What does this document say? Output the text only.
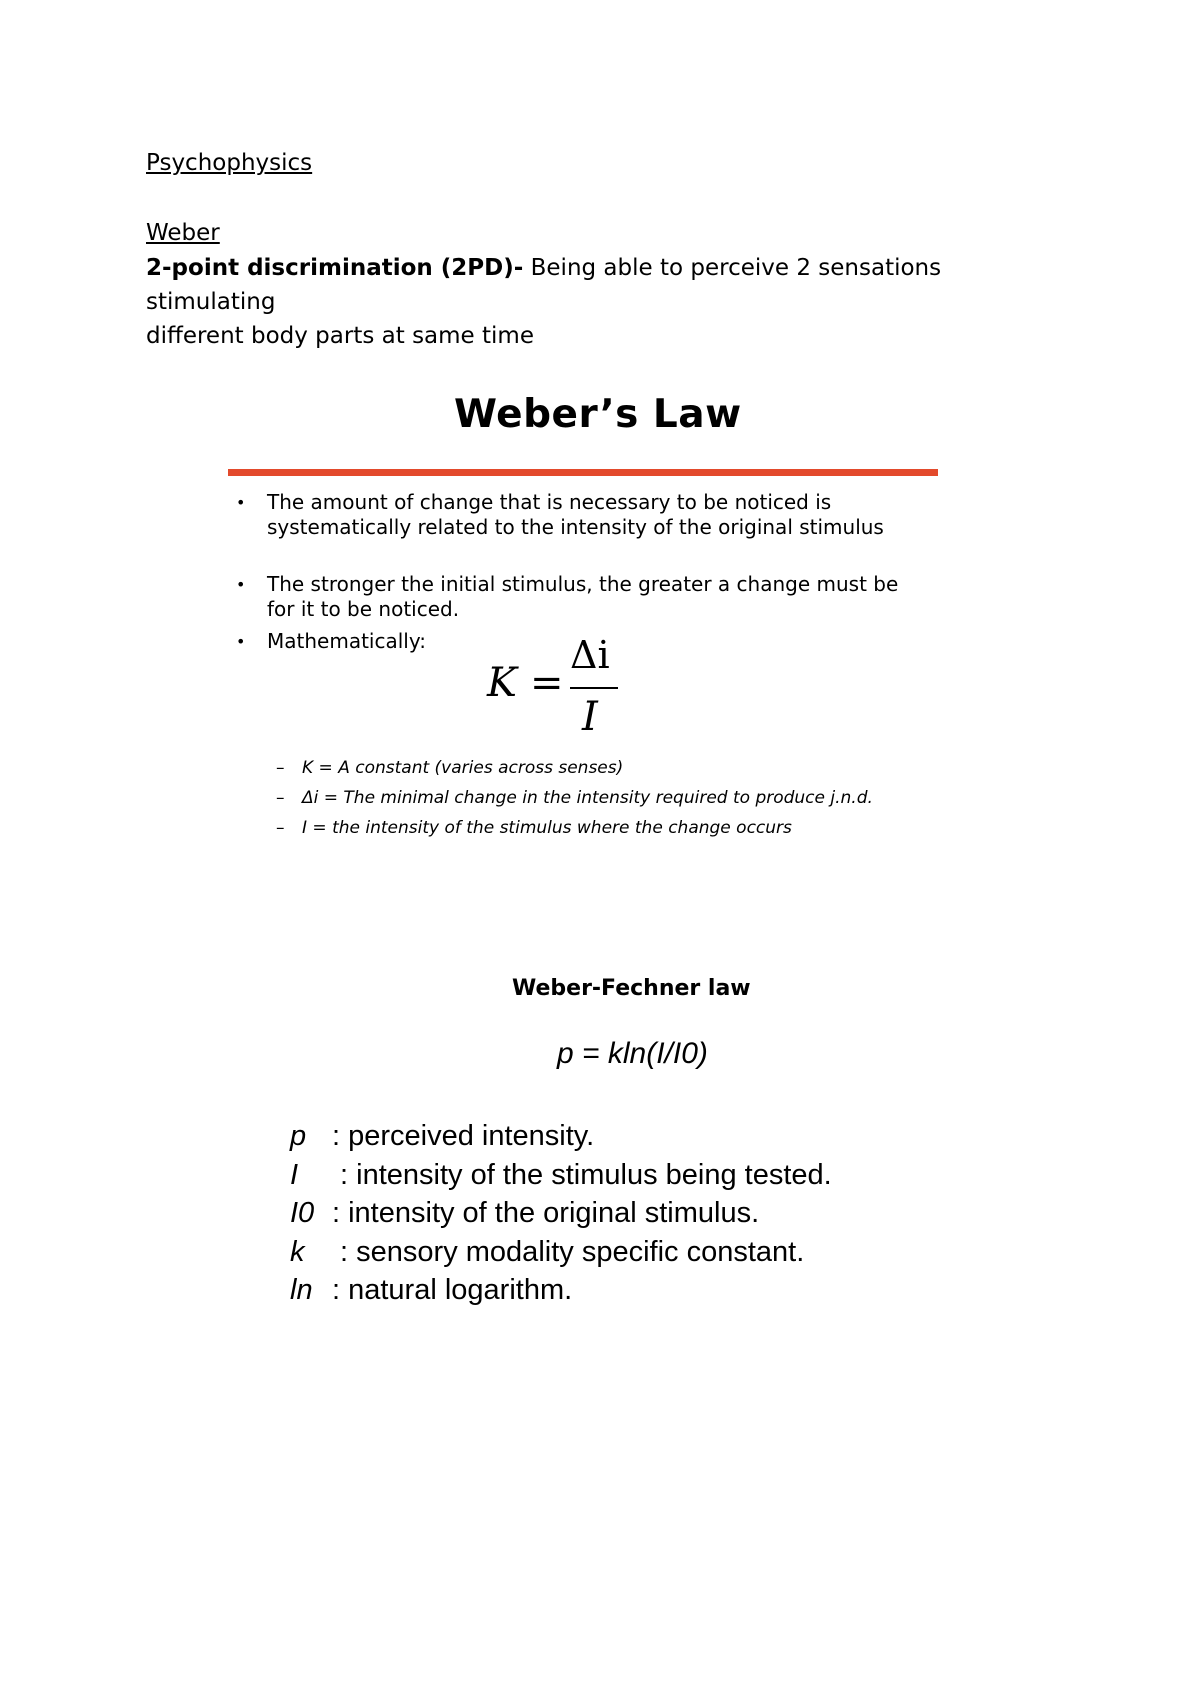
Psychophysics
Weber
2-point discrimination (2PD)- Being able to perceive 2 sensations stimulating
different body parts at same time
Weber’s Law
• The amount of change that is necessary to be noticed is systematically related to the intensity of the original stimulus
• The stronger the initial stimulus, the greater a change must be for it to be noticed.
• Mathematically:
K =
Δi
I
– K = A constant (varies across senses)
– Δi = The minimal change in the intensity required to produce j.n.d.
– I = the intensity of the stimulus where the change occurs
Weber-Fechner law
p = kln(I/I0)
p : perceived intensity.
I : intensity of the stimulus being tested.
I0 : intensity of the original stimulus.
k : sensory modality specific constant.
ln : natural logarithm.
